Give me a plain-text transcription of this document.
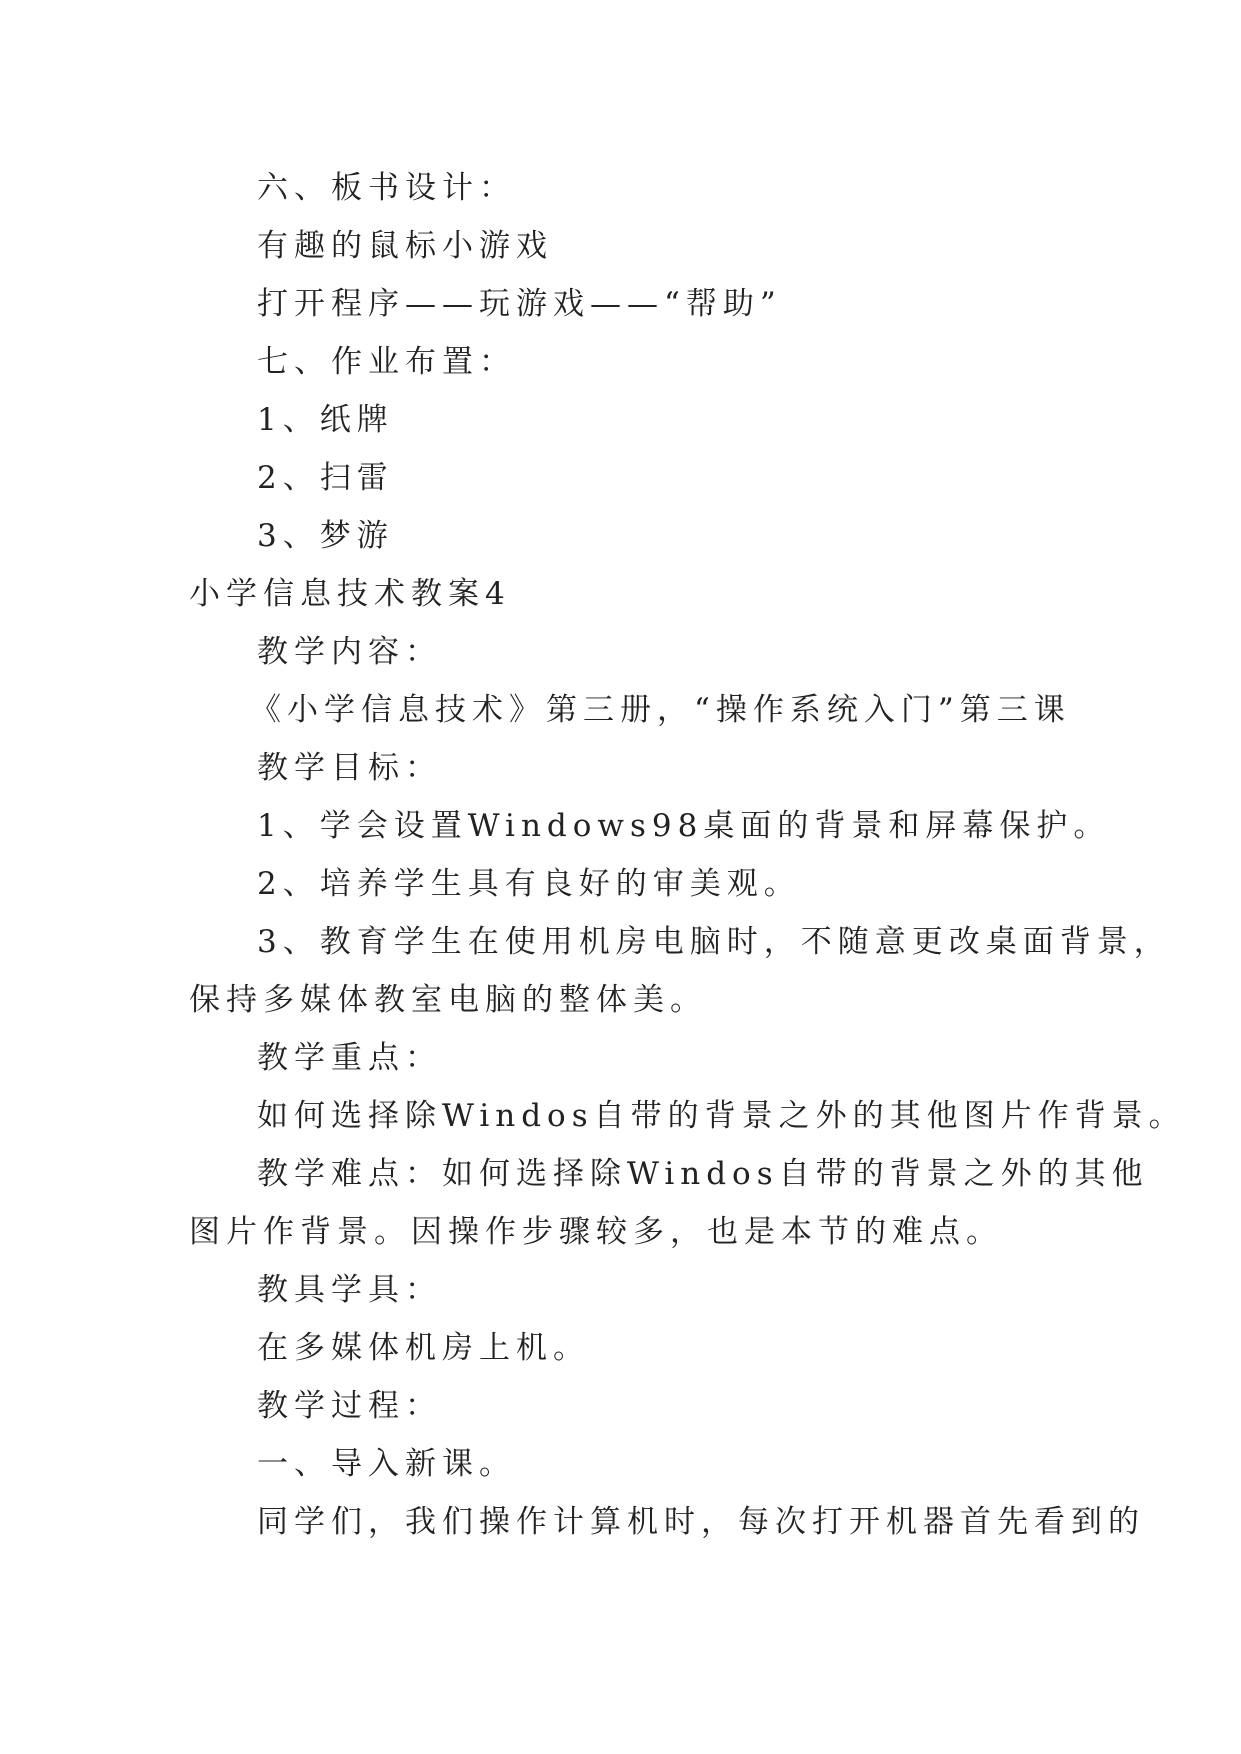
六、板书设计：
有趣的鼠标小游戏
打开程序——玩游戏——“帮助”
七、作业布置：
1、纸牌
2、扫雷
3、梦游
小学信息技术教案4
教学内容：
《小学信息技术》第三册，“操作系统入门”第三课
教学目标：
1、学会设置Windows98桌面的背景和屏幕保护。
2、培养学生具有良好的审美观。
3、教育学生在使用机房电脑时，不随意更改桌面背景，
保持多媒体教室电脑的整体美。
教学重点：
如何选择除Windos自带的背景之外的其他图片作背景。
教学难点：如何选择除Windos自带的背景之外的其他
图片作背景。因操作步骤较多，也是本节的难点。
教具学具：
在多媒体机房上机。
教学过程：
一、导入新课。
同学们，我们操作计算机时，每次打开机器首先看到的
